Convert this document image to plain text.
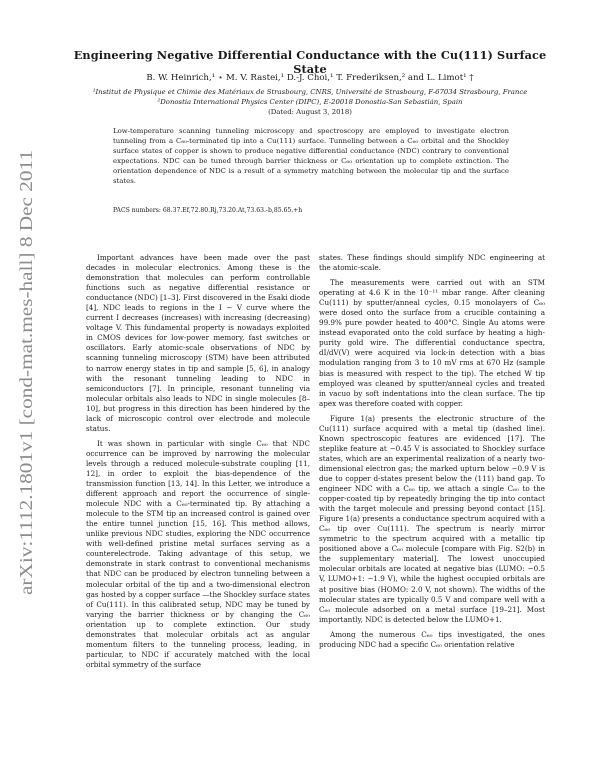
arXiv:1112.1801v1 [cond-mat.mes-hall] 8 Dec 2011
Engineering Negative Differential Conductance with the Cu(111) Surface State
B. W. Heinrich,¹ ⋆ M. V. Rastei,¹ D.-J. Choi,¹ T. Frederiksen,² and L. Limot¹ †
¹Institut de Physique et Chimie des Matériaux de Strasbourg, CNRS, Université de Strasbourg, F-67034 Strasbourg, France
²Donostia International Physics Center (DIPC), E-20018 Donostia-San Sebastián, Spain
(Dated: August 3, 2018)
Low-temperature scanning tunneling microscopy and spectroscopy are employed to investigate electron tunneling from a C₆₀-terminated tip into a Cu(111) surface. Tunneling between a C₆₀ orbital and the Shockley surface states of copper is shown to produce negative differential conductance (NDC) contrary to conventional expectations. NDC can be tuned through barrier thickness or C₆₀ orientation up to complete extinction. The orientation dependence of NDC is a result of a symmetry matching between the molecular tip and the surface states.
PACS numbers: 68.37.Ef,72.80.Rj,73.20.At,73.63.-b,85.65.+h

Important advances have been made over the past decades in molecular electronics. Among these is the demonstration that molecules can perform controllable functions such as negative differential resistance or conductance (NDC) [1–3]. First discovered in the Esaki diode [4], NDC leads to regions in the I − V curve where the current I decreases (increases) with increasing (decreasing) voltage V. This fundamental property is nowadays exploited in CMOS devices for low-power memory, fast switches or oscillators. Early atomic-scale observations of NDC by scanning tunneling microscopy (STM) have been attributed to narrow energy states in tip and sample [5, 6], in analogy with the resonant tunneling leading to NDC in semiconductors [7]. In principle, resonant tunneling via molecular orbitals also leads to NDC in single molecules [8–10], but progress in this direction has been hindered by the lack of microscopic control over electrode and molecule status.

It was shown in particular with single C₆₀ that NDC occurrence can be improved by narrowing the molecular levels through a reduced molecule-substrate coupling [11, 12], in order to exploit the bias-dependence of the transmission function [13, 14]. In this Letter, we introduce a different approach and report the occurrence of single-molecule NDC with a C₆₀-terminated tip. By attaching a molecule to the STM tip an increased control is gained over the entire tunnel junction [15, 16]. This method allows, unlike previous NDC studies, exploring the NDC occurrence with well-defined pristine metal surfaces serving as a counterelectrode. Taking advantage of this setup, we demonstrate in stark contrast to conventional mechanisms that NDC can be produced by electron tunneling between a molecular orbital of the tip and a two-dimensional electron gas hosted by a copper surface —the Shockley surface states of Cu(111). In this calibrated setup, NDC may be tuned by varying the barrier thickness or by changing the C₆₀ orientation up to complete extinction. Our study demonstrates that molecular orbitals act as angular momentum filters to the tunneling process, leading, in particular, to NDC if accurately matched with the local orbital symmetry of the surface

states. These findings should simplify NDC engineering at the atomic-scale.

The measurements were carried out with an STM operating at 4.6 K in the 10⁻¹¹ mbar range. After cleaning Cu(111) by sputter/anneal cycles, 0.15 monolayers of C₆₀ were dosed onto the surface from a crucible containing a 99.9% pure powder heated to 400°C. Single Au atoms were instead evaporated onto the cold surface by heating a high-purity gold wire. The differential conductance spectra, dI/dV(V) were acquired via lock-in detection with a bias modulation ranging from 3 to 10 mV rms at 670 Hz (sample bias is measured with respect to the tip). The etched W tip employed was cleaned by sputter/anneal cycles and treated in vacuo by soft indentations into the clean surface. The tip apex was therefore coated with copper.

Figure 1(a) presents the electronic structure of the Cu(111) surface acquired with a metal tip (dashed line). Known spectroscopic features are evidenced [17]. The steplike feature at −0.45 V is associated to Shockley surface states, which are an experimental realization of a nearly two-dimensional electron gas; the marked upturn below −0.9 V is due to copper d-states present below the (111) band gap. To engineer NDC with a C₆₀ tip, we attach a single C₆₀ to the copper-coated tip by repeatedly bringing the tip into contact with the target molecule and pressing beyond contact [15]. Figure 1(a) presents a conductance spectrum acquired with a C₆₀ tip over Cu(111). The spectrum is nearly mirror symmetric to the spectrum acquired with a metallic tip positioned above a C₆₀ molecule [compare with Fig. S2(b) in the supplementary material]. The lowest unoccupied molecular orbitals are located at negative bias (LUMO: −0.5 V, LUMO+1: −1.9 V), while the highest occupied orbitals are at positive bias (HOMO: 2.0 V, not shown). The widths of the molecular states are typically 0.5 V and compare well with a C₆₀ molecule adsorbed on a metal surface [19–21]. Most importantly, NDC is detected below the LUMO+1.

Among the numerous C₆₀ tips investigated, the ones producing NDC had a specific C₆₀ orientation relative
